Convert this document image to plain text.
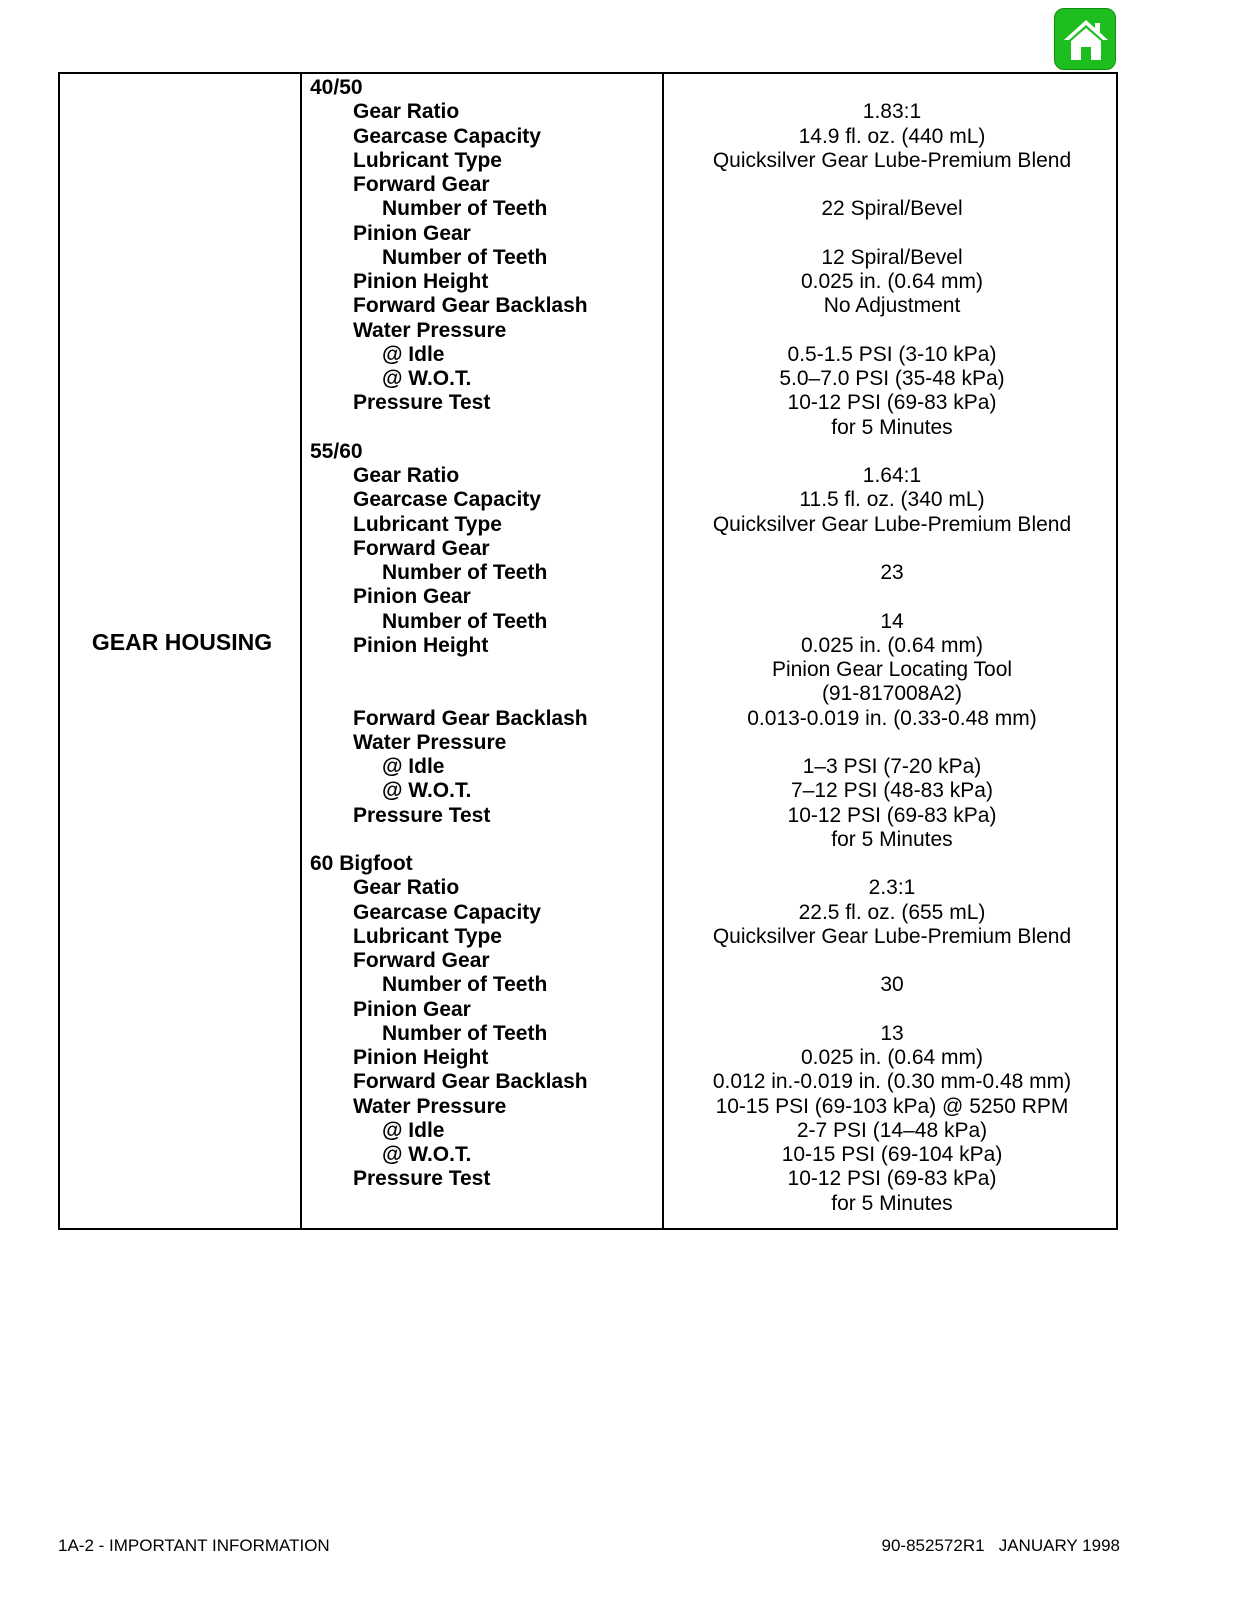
GEAR HOUSING
40/50
Gear Ratio	1.83:1
Gearcase Capacity	14.9 fl. oz. (440 mL)
Lubricant Type	Quicksilver Gear Lube-Premium Blend
Forward Gear
Number of Teeth	22 Spiral/Bevel
Pinion Gear
Number of Teeth	12 Spiral/Bevel
Pinion Height	0.025 in. (0.64 mm)
Forward Gear Backlash	No Adjustment
Water Pressure
@ Idle	0.5-1.5 PSI (3-10 kPa)
@ W.O.T.	5.0–7.0 PSI (35-48 kPa)
Pressure Test	10-12 PSI (69-83 kPa)
for 5 Minutes
55/60
Gear Ratio	1.64:1
Gearcase Capacity	11.5 fl. oz. (340 mL)
Lubricant Type	Quicksilver Gear Lube-Premium Blend
Forward Gear
Number of Teeth	23
Pinion Gear
Number of Teeth	14
Pinion Height	0.025 in. (0.64 mm)
Pinion Gear Locating Tool
(91-817008A2)
Forward Gear Backlash	0.013-0.019 in. (0.33-0.48 mm)
Water Pressure
@ Idle	1–3 PSI (7-20 kPa)
@ W.O.T.	7–12 PSI (48-83 kPa)
Pressure Test	10-12 PSI (69-83 kPa)
for 5 Minutes
60 Bigfoot
Gear Ratio	2.3:1
Gearcase Capacity	22.5 fl. oz. (655 mL)
Lubricant Type	Quicksilver Gear Lube-Premium Blend
Forward Gear
Number of Teeth	30
Pinion Gear
Number of Teeth	13
Pinion Height	0.025 in. (0.64 mm)
Forward Gear Backlash	0.012 in.-0.019 in. (0.30 mm-0.48 mm)
Water Pressure	10-15 PSI (69-103 kPa) @ 5250 RPM
@ Idle	2-7 PSI (14–48 kPa)
@ W.O.T.	10-15 PSI (69-104 kPa)
Pressure Test	10-12 PSI (69-83 kPa)
for 5 Minutes
1A-2 - IMPORTANT INFORMATION	90-852572R1   JANUARY 1998
